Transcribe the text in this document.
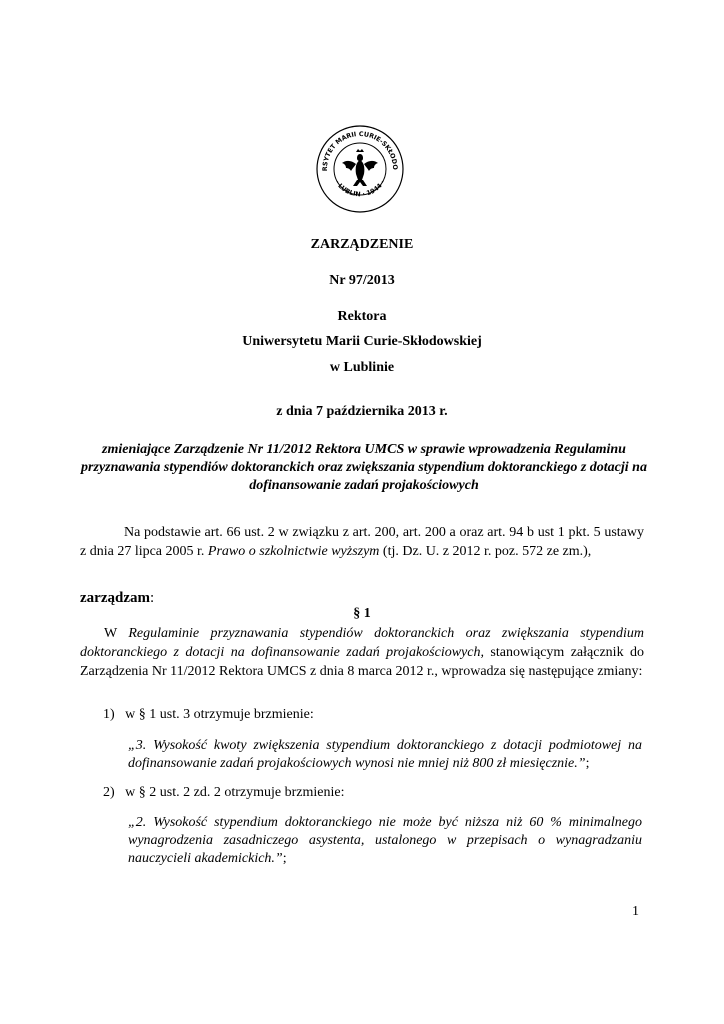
RSYTET MARII CURIE-SKŁODO
· LUBLIN · 1944 ·
ZARZĄDZENIE
Nr 97/2013
Rektora
Uniwersytetu Marii Curie-Skłodowskiej
w Lublinie
z dnia 7 października 2013 r.
zmieniające Zarządzenie Nr 11/2012 Rektora UMCS w sprawie wprowadzenia Regulaminu przyznawania stypendiów doktoranckich oraz zwiększania stypendium doktoranckiego z dotacji na dofinansowanie zadań projakościowych
Na podstawie art. 66 ust. 2 w związku z art. 200, art. 200 a oraz art. 94 b ust 1 pkt. 5 ustawy z dnia 27 lipca 2005 r. Prawo o szkolnictwie wyższym (tj. Dz. U. z 2012 r. poz. 572 ze zm.),
zarządzam:
§ 1
W Regulaminie przyznawania stypendiów doktoranckich oraz zwiększania stypendium doktoranckiego z dotacji na dofinansowanie zadań projakościowych, stanowiącym załącznik do Zarządzenia Nr 11/2012 Rektora UMCS z dnia 8 marca 2012 r., wprowadza się następujące zmiany:
1) w § 1 ust. 3 otrzymuje brzmienie:
„3. Wysokość kwoty zwiększenia stypendium doktoranckiego z dotacji podmiotowej na dofinansowanie zadań projakościowych wynosi nie mniej niż 800 zł miesięcznie.”;
2) w § 2 ust. 2 zd. 2 otrzymuje brzmienie:
„2. Wysokość stypendium doktoranckiego nie może być niższa niż 60 % minimalnego wynagrodzenia zasadniczego asystenta, ustalonego w przepisach o wynagradzaniu nauczycieli akademickich.”;
1
